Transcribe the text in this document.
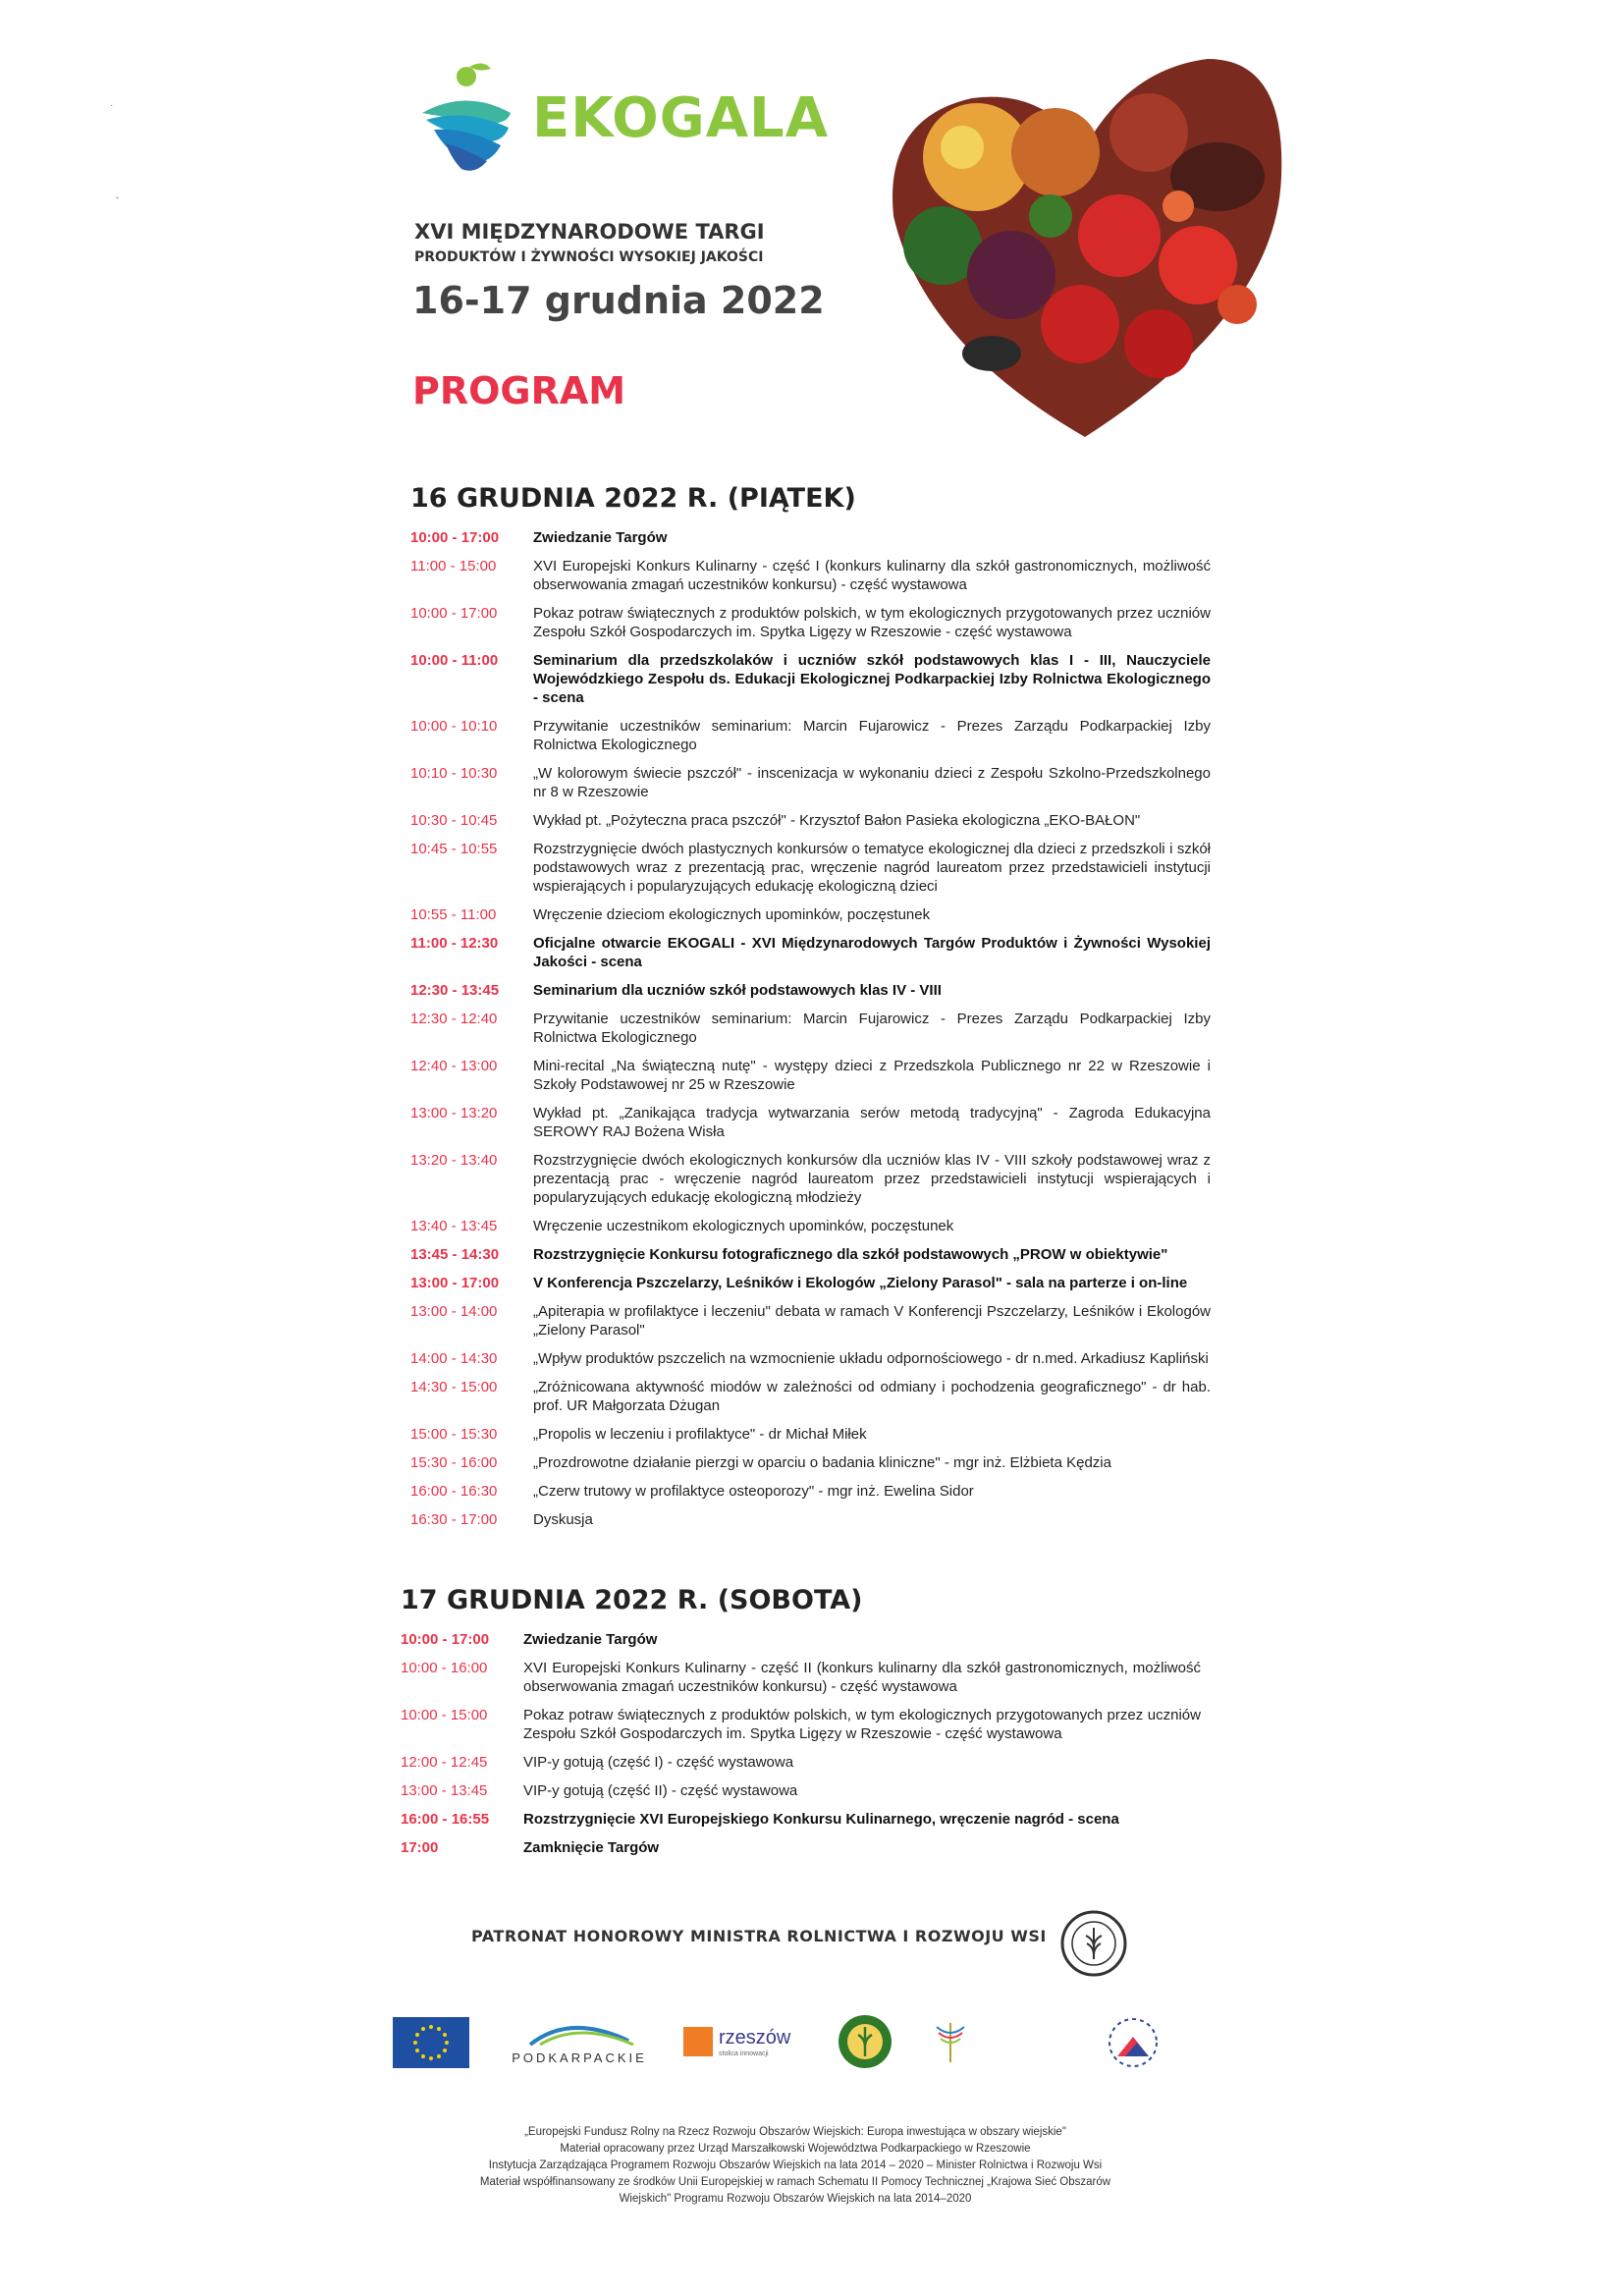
EKOGALA
XVI MIĘDZYNARODOWE TARGI
PRODUKTÓW I ŻYWNOŚCI WYSOKIEJ JAKOŚCI
16-17 grudnia 2022
PROGRAM
16 GRUDNIA 2022 R. (PIĄTEK)
10:00 - 17:00	Zwiedzanie Targów
11:00 - 15:00	XVI Europejski Konkurs Kulinarny - część I (konkurs kulinarny dla szkół gastronomicznych, możliwość obserwowania zmagań uczestników konkursu) - część wystawowa
10:00 - 17:00	Pokaz potraw świątecznych z produktów polskich, w tym ekologicznych przygotowanych przez uczniów Zespołu Szkół Gospodarczych im. Spytka Ligęzy w Rzeszowie - część wystawowa
10:00 - 11:00	Seminarium dla przedszkolaków i uczniów szkół podstawowych klas I - III, Nauczyciele Wojewódzkiego Zespołu ds. Edukacji Ekologicznej Podkarpackiej Izby Rolnictwa Ekologicznego - scena
10:00 - 10:10	Przywitanie uczestników seminarium: Marcin Fujarowicz - Prezes Zarządu Podkarpackiej Izby Rolnictwa Ekologicznego
10:10 - 10:30	„W kolorowym świecie pszczół" - inscenizacja w wykonaniu dzieci z Zespołu Szkolno-Przedszkolnego nr 8 w Rzeszowie
10:30 - 10:45	Wykład pt. „Pożyteczna praca pszczół" - Krzysztof Bałon Pasieka ekologiczna „EKO-BAŁON"
10:45 - 10:55	Rozstrzygnięcie dwóch plastycznych konkursów o tematyce ekologicznej dla dzieci z przedszkoli i szkół podstawowych wraz z prezentacją prac, wręczenie nagród laureatom przez przedstawicieli instytucji wspierających i popularyzujących edukację ekologiczną dzieci
10:55 - 11:00	Wręczenie dzieciom ekologicznych upominków, poczęstunek
11:00 - 12:30	Oficjalne otwarcie EKOGALI - XVI Międzynarodowych Targów Produktów i Żywności Wysokiej Jakości - scena
12:30 - 13:45	Seminarium dla uczniów szkół podstawowych klas IV - VIII
12:30 - 12:40	Przywitanie uczestników seminarium: Marcin Fujarowicz - Prezes Zarządu Podkarpackiej Izby Rolnictwa Ekologicznego
12:40 - 13:00	Mini-recital „Na świąteczną nutę" - występy dzieci z Przedszkola Publicznego nr 22 w Rzeszowie i Szkoły Podstawowej nr 25 w Rzeszowie
13:00 - 13:20	Wykład pt. „Zanikająca tradycja wytwarzania serów metodą tradycyjną" - Zagroda Edukacyjna SEROWY RAJ Bożena Wisła
13:20 - 13:40	Rozstrzygnięcie dwóch ekologicznych konkursów dla uczniów klas IV - VIII szkoły podstawowej wraz z prezentacją prac - wręczenie nagród laureatom przez przedstawicieli instytucji wspierających i popularyzujących edukację ekologiczną młodzieży
13:40 - 13:45	Wręczenie uczestnikom ekologicznych upominków, poczęstunek
13:45 - 14:30	Rozstrzygnięcie Konkursu fotograficznego dla szkół podstawowych „PROW w obiektywie"
13:00 - 17:00	V Konferencja Pszczelarzy, Leśników i Ekologów „Zielony Parasol" - sala na parterze i on-line
13:00 - 14:00	„Apiterapia w profilaktyce i leczeniu" debata w ramach V Konferencji Pszczelarzy, Leśników i Ekologów „Zielony Parasol"
14:00 - 14:30	„Wpływ produktów pszczelich na wzmocnienie układu odpornościowego - dr n.med. Arkadiusz Kapliński
14:30 - 15:00	„Zróżnicowana aktywność miodów w zależności od odmiany i pochodzenia geograficznego" - dr hab. prof. UR Małgorzata Dżugan
15:00 - 15:30	„Propolis w leczeniu i profilaktyce" - dr Michał Miłek
15:30 - 16:00	„Prozdrowotne działanie pierzgi w oparciu o badania kliniczne" - mgr inż. Elżbieta Kędzia
16:00 - 16:30	„Czerw trutowy w profilaktyce osteoporozy" - mgr inż. Ewelina Sidor
16:30 - 17:00	Dyskusja
17 GRUDNIA 2022 R. (SOBOTA)
10:00 - 17:00	Zwiedzanie Targów
10:00 - 16:00	XVI Europejski Konkurs Kulinarny - część II (konkurs kulinarny dla szkół gastronomicznych, możliwość obserwowania zmagań uczestników konkursu) - część wystawowa
10:00 - 15:00	Pokaz potraw świątecznych z produktów polskich, w tym ekologicznych przygotowanych przez uczniów Zespołu Szkół Gospodarczych im. Spytka Ligęzy w Rzeszowie - część wystawowa
12:00 - 12:45	VIP-y gotują (część I) - część wystawowa
13:00 - 13:45	VIP-y gotują (część II) - część wystawowa
16:00 - 16:55	Rozstrzygnięcie XVI Europejskiego Konkursu Kulinarnego, wręczenie nagród - scena
17:00	Zamknięcie Targów
PATRONAT HONOROWY MINISTRA ROLNICTWA I ROZWOJU WSI
PODKARPACKIE
rzeszów
stolica innowacji
„Europejski Fundusz Rolny na Rzecz Rozwoju Obszarów Wiejskich: Europa inwestująca w obszary wiejskie"
Materiał opracowany przez Urząd Marszałkowski Województwa Podkarpackiego w Rzeszowie
Instytucja Zarządzająca Programem Rozwoju Obszarów Wiejskich na lata 2014 – 2020 – Minister Rolnictwa i Rozwoju Wsi
Materiał współfinansowany ze środków Unii Europejskiej w ramach Schematu II Pomocy Technicznej „Krajowa Sieć Obszarów
Wiejskich" Programu Rozwoju Obszarów Wiejskich na lata 2014–2020
·
˻
